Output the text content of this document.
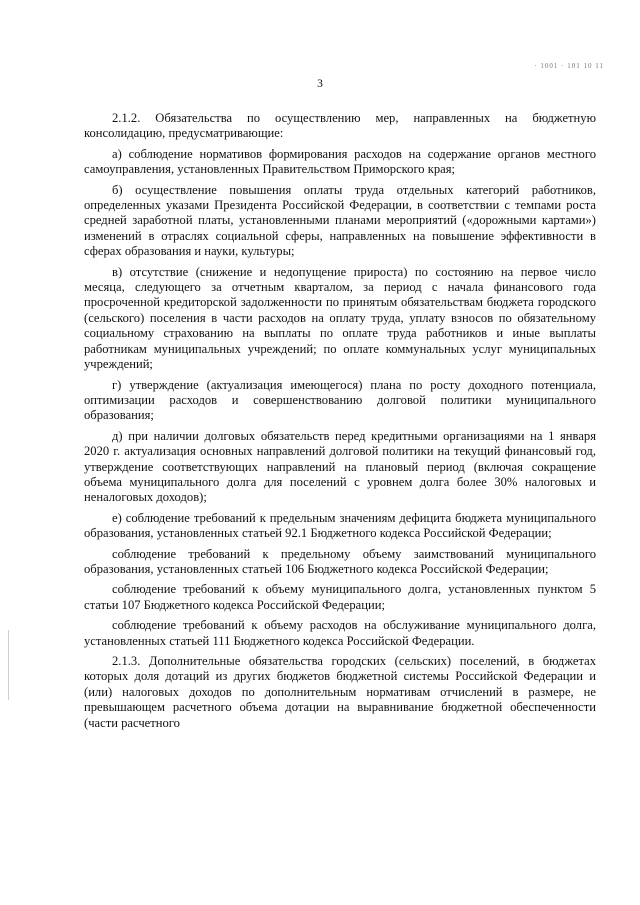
· 1001 · 101 10 11
3

2.1.2. Обязательства по осуществлению мер, направленных на бюджетную консолидацию, предусматривающие:

а) соблюдение нормативов формирования расходов на содержание органов местного самоуправления, установленных Правительством Приморского края;

б) осуществление повышения оплаты труда отдельных категорий работников, определенных указами Президента Российской Федерации, в соответствии с темпами роста средней заработной платы, установленными планами мероприятий («дорожными картами») изменений в отраслях социальной сферы, направленных на повышение эффективности в сферах образования и науки, культуры;

в) отсутствие (снижение и недопущение прироста) по состоянию на первое число месяца, следующего за отчетным кварталом, за период с начала финансового года просроченной кредиторской задолженности по принятым обязательствам бюджета городского (сельского) поселения в части расходов на оплату труда, уплату взносов по обязательному социальному страхованию на выплаты по оплате труда работников и иные выплаты работникам муниципальных учреждений; по оплате коммунальных услуг муниципальных учреждений;

г) утверждение (актуализация имеющегося) плана по росту доходного потенциала, оптимизации расходов и совершенствованию долговой политики муниципального образования;

д) при наличии долговых обязательств перед кредитными организациями на 1 января 2020 г. актуализация основных направлений долговой политики на текущий финансовый год, утверждение соответствующих направлений на плановый период (включая сокращение объема муниципального долга для поселений с уровнем долга более 30% налоговых и неналоговых доходов);

е) соблюдение требований к предельным значениям дефицита бюджета муниципального образования, установленных статьей 92.1 Бюджетного кодекса Российской Федерации;

соблюдение требований к предельному объему заимствований муниципального образования, установленных статьей 106 Бюджетного кодекса Российской Федерации;

соблюдение требований к объему муниципального долга, установленных пунктом 5 статьи 107 Бюджетного кодекса Российской Федерации;

соблюдение требований к объему расходов на обслуживание муниципального долга, установленных статьей 111 Бюджетного кодекса Российской Федерации.

2.1.3. Дополнительные обязательства городских (сельских) поселений, в бюджетах которых доля дотаций из других бюджетов бюджетной системы Российской Федерации и (или) налоговых доходов по дополнительным нормативам отчислений в размере, не превышающем расчетного объема дотации на выравнивание бюджетной обеспеченности (части расчетного
